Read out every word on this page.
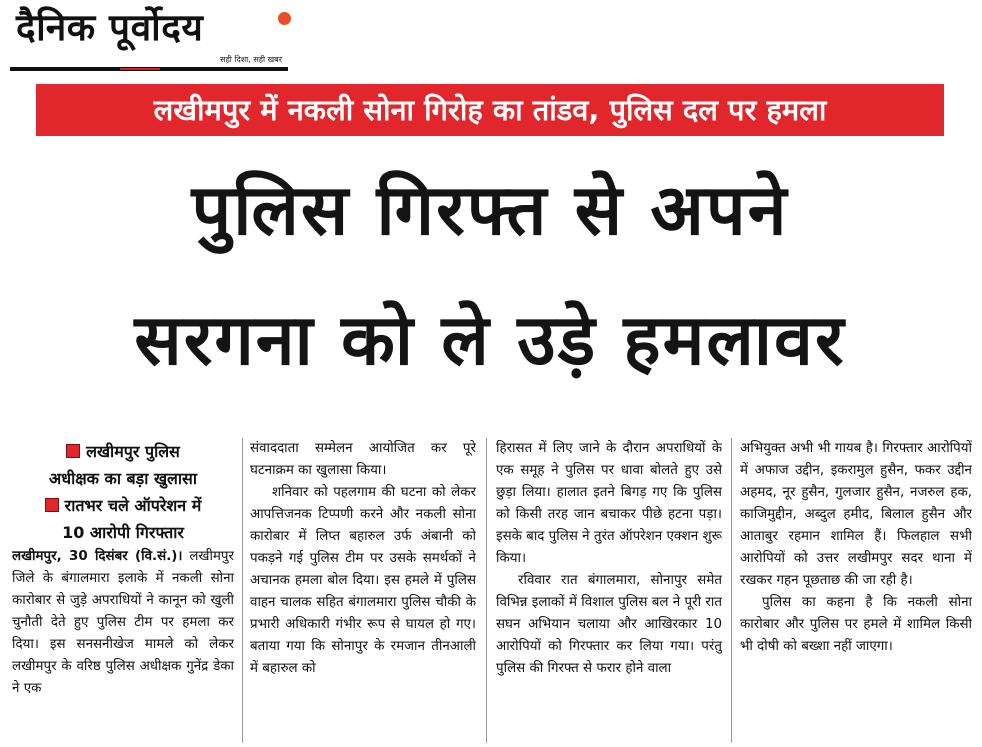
दैनिक पूर्वोदय
सही दिशा, सही खबर
लखीमपुर में नकली सोना गिरोह का तांडव, पुलिस दल पर हमला
पुलिस गिरफ्त से अपने
सरगना को ले उड़े हमलावर

लखीमपुर पुलिस

अधीक्षक का बड़ा खुलासा

रातभर चले ऑपरेशन में

10 आरोपी गिरफ्तार

लखीमपुर, 30 दिसंबर (वि.सं.)। लखीमपुर जिले के बंगालमारा इलाके में नकली सोना कारोबार से जुड़े अपराधियों ने कानून को खुली चुनौती देते हुए पुलिस टीम पर हमला कर दिया। इस सनसनीखेज मामले को लेकर लखीमपुर के वरिष्ठ पुलिस अधीक्षक गुनेंद्र डेका ने एक

संवाददाता सम्मेलन आयोजित कर पूरे घटनाक्रम का खुलासा किया।

शनिवार को पहलगाम की घटना को लेकर आपत्तिजनक टिप्पणी करने और नकली सोना कारोबार में लिप्त बहारुल उर्फ अंबानी को पकड़ने गई पुलिस टीम पर उसके समर्थकों ने अचानक हमला बोल दिया। इस हमले में पुलिस वाहन चालक सहित बंगालमारा पुलिस चौकी के प्रभारी अधिकारी गंभीर रूप से घायल हो गए। बताया गया कि सोनापुर के रमजान तीनआली में बहारुल को

हिरासत में लिए जाने के दौरान अपराधियों के एक समूह ने पुलिस पर धावा बोलते हुए उसे छुड़ा लिया। हालात इतने बिगड़ गए कि पुलिस को किसी तरह जान बचाकर पीछे हटना पड़ा। इसके बाद पुलिस ने तुरंत ऑपरेशन एक्शन शुरू किया।

रविवार रात बंगालमारा, सोनापुर समेत विभिन्न इलाकों में विशाल पुलिस बल ने पूरी रात सघन अभियान चलाया और आखिरकार 10 आरोपियों को गिरफ्तार कर लिया गया। परंतु पुलिस की गिरफ्त से फरार होने वाला

अभियुक्त अभी भी गायब है। गिरफ्तार आरोपियों में अफाज उद्दीन, इकरामुल हुसैन, फकर उद्दीन अहमद, नूर हुसैन, गुलजार हुसैन, नजरुल हक, काजिमुद्दीन, अब्दुल हमीद, बिलाल हुसैन और आताबुर रहमान शामिल हैं। फिलहाल सभी आरोपियों को उत्तर लखीमपुर सदर थाना में रखकर गहन पूछताछ की जा रही है।

पुलिस का कहना है कि नकली सोना कारोबार और पुलिस पर हमले में शामिल किसी भी दोषी को बख्शा नहीं जाएगा।
